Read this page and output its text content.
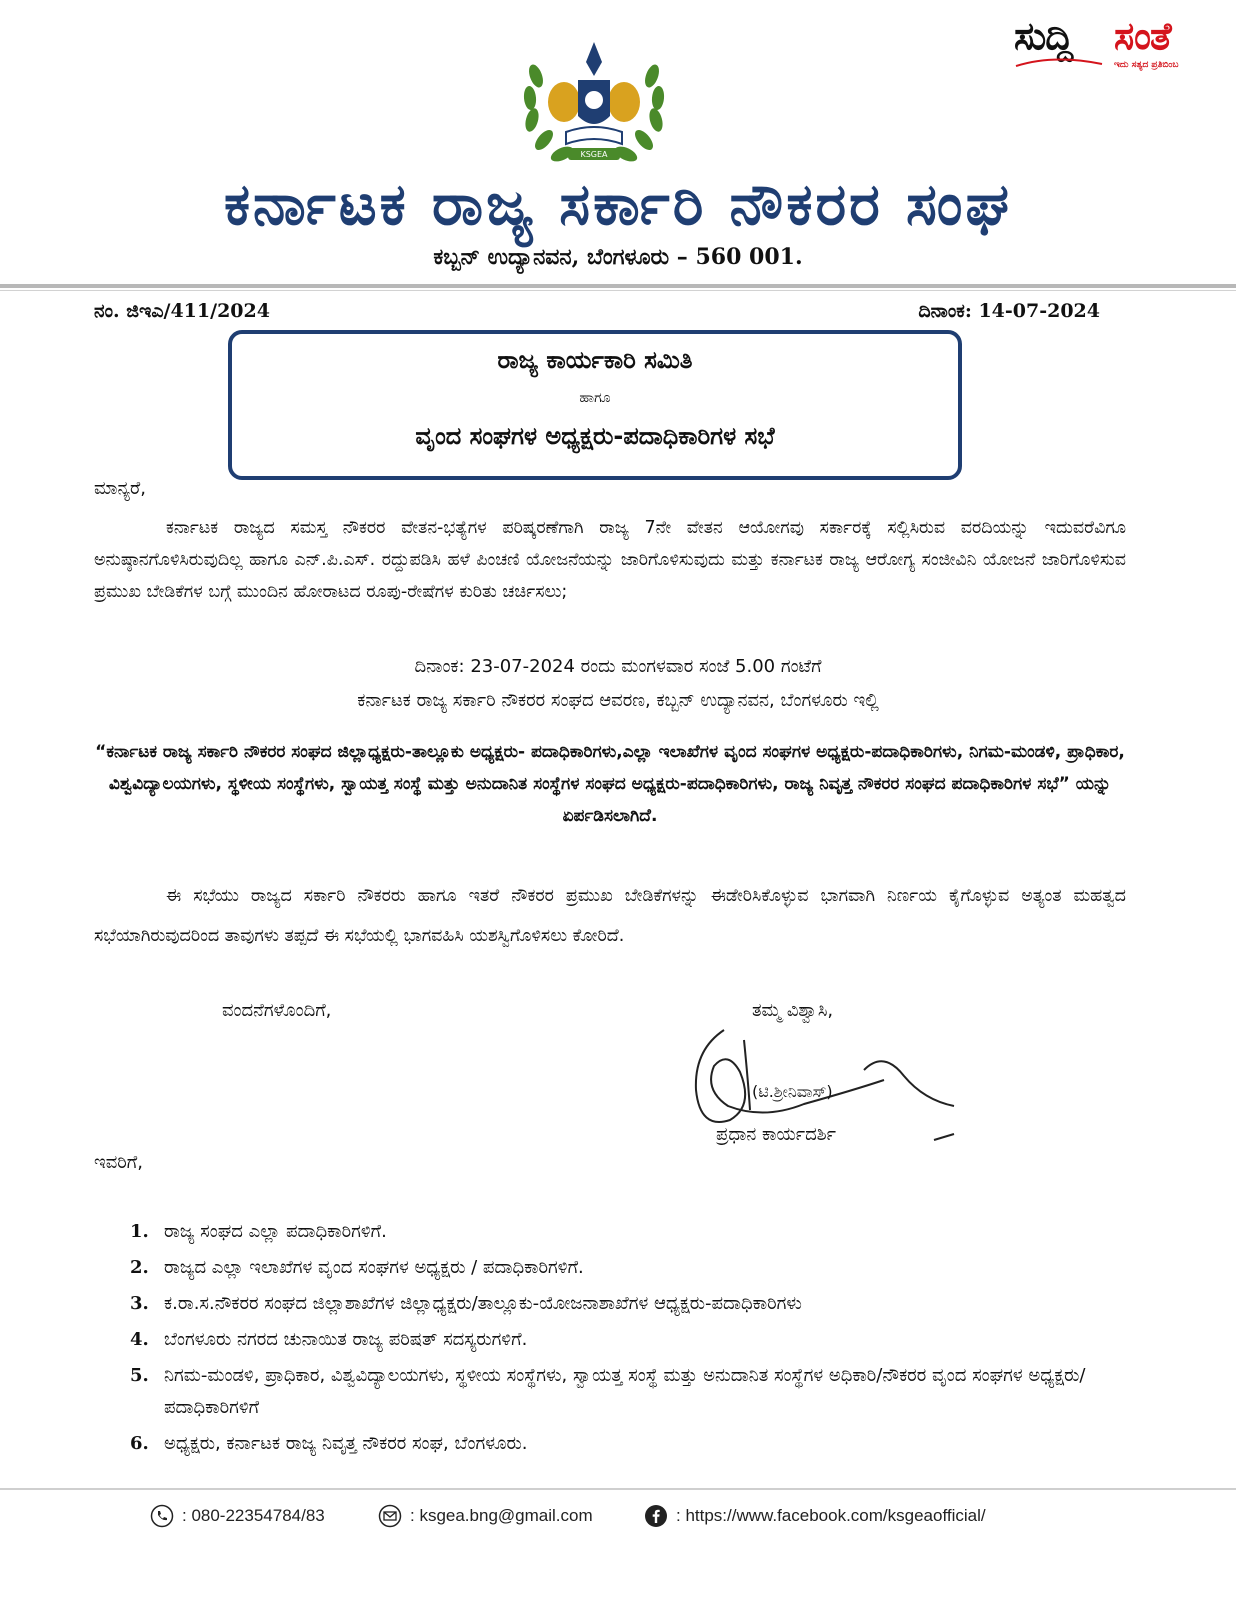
ಸುದ್ದಿ ಸಂತೆ
ಇದು ಸತ್ಯದ ಪ್ರತಿಬಿಂಬ
KSGEA
ಕರ್ನಾಟಕ ರಾಜ್ಯ ಸರ್ಕಾರಿ ನೌಕರರ ಸಂಘ
ಕಬ್ಬನ್ ಉದ್ಯಾನವನ, ಬೆಂಗಳೂರು – 560 001.
ನಂ. ಜಿಇಎ/411/2024	ದಿನಾಂಕ: 14-07-2024
ರಾಜ್ಯ ಕಾರ್ಯಕಾರಿ ಸಮಿತಿ
ಹಾಗೂ
ವೃಂದ ಸಂಘಗಳ ಅಧ್ಯಕ್ಷರು-ಪದಾಧಿಕಾರಿಗಳ ಸಭೆ
ಮಾನ್ಯರೆ,
ಕರ್ನಾಟಕ ರಾಜ್ಯದ ಸಮಸ್ತ ನೌಕರರ ವೇತನ-ಭತ್ಯೆಗಳ ಪರಿಷ್ಕರಣೆಗಾಗಿ ರಾಜ್ಯ 7ನೇ ವೇತನ ಆಯೋಗವು ಸರ್ಕಾರಕ್ಕೆ ಸಲ್ಲಿಸಿರುವ ವರದಿಯನ್ನು ಇದುವರೆವಿಗೂ ಅನುಷ್ಠಾನಗೊಳಿಸಿರುವುದಿಲ್ಲ ಹಾಗೂ ಎನ್.ಪಿ.ಎಸ್. ರದ್ದುಪಡಿಸಿ ಹಳೆ ಪಿಂಚಣಿ ಯೋಜನೆಯನ್ನು ಜಾರಿಗೊಳಿಸುವುದು ಮತ್ತು ಕರ್ನಾಟಕ ರಾಜ್ಯ ಆರೋಗ್ಯ ಸಂಜೀವಿನಿ ಯೋಜನೆ ಜಾರಿಗೊಳಿಸುವ ಪ್ರಮುಖ ಬೇಡಿಕೆಗಳ ಬಗ್ಗೆ ಮುಂದಿನ ಹೋರಾಟದ ರೂಪು-ರೇಷೆಗಳ ಕುರಿತು ಚರ್ಚಿಸಲು;
ದಿನಾಂಕ: 23-07-2024 ರಂದು ಮಂಗಳವಾರ ಸಂಜೆ 5.00 ಗಂಟೆಗೆ
ಕರ್ನಾಟಕ ರಾಜ್ಯ ಸರ್ಕಾರಿ ನೌಕರರ ಸಂಘದ ಆವರಣ, ಕಬ್ಬನ್ ಉದ್ಯಾನವನ, ಬೆಂಗಳೂರು ಇಲ್ಲಿ
“ಕರ್ನಾಟಕ ರಾಜ್ಯ ಸರ್ಕಾರಿ ನೌಕರರ ಸಂಘದ ಜಿಲ್ಲಾಧ್ಯಕ್ಷರು-ತಾಲ್ಲೂಕು ಅಧ್ಯಕ್ಷರು- ಪದಾಧಿಕಾರಿಗಳು,ಎಲ್ಲಾ ಇಲಾಖೆಗಳ ವೃಂದ ಸಂಘಗಳ ಅಧ್ಯಕ್ಷರು-ಪದಾಧಿಕಾರಿಗಳು, ನಿಗಮ-ಮಂಡಳಿ, ಪ್ರಾಧಿಕಾರ, ವಿಶ್ವವಿದ್ಯಾಲಯಗಳು, ಸ್ಥಳೀಯ ಸಂಸ್ಥೆಗಳು, ಸ್ವಾಯತ್ತ ಸಂಸ್ಥೆ ಮತ್ತು ಅನುದಾನಿತ ಸಂಸ್ಥೆಗಳ ಸಂಘದ ಅಧ್ಯಕ್ಷರು-ಪದಾಧಿಕಾರಿಗಳು, ರಾಜ್ಯ ನಿವೃತ್ತ ನೌಕರರ ಸಂಘದ ಪದಾಧಿಕಾರಿಗಳ ಸಭೆ” ಯನ್ನು ಏರ್ಪಡಿಸಲಾಗಿದೆ.
ಈ ಸಭೆಯು ರಾಜ್ಯದ ಸರ್ಕಾರಿ ನೌಕರರು ಹಾಗೂ ಇತರೆ ನೌಕರರ ಪ್ರಮುಖ ಬೇಡಿಕೆಗಳನ್ನು ಈಡೇರಿಸಿಕೊಳ್ಳುವ ಭಾಗವಾಗಿ ನಿರ್ಣಯ ಕೈಗೊಳ್ಳುವ ಅತ್ಯಂತ ಮಹತ್ವದ ಸಭೆಯಾಗಿರುವುದರಿಂದ ತಾವುಗಳು ತಪ್ಪದೆ ಈ ಸಭೆಯಲ್ಲಿ ಭಾಗವಹಿಸಿ ಯಶಸ್ವಿಗೊಳಿಸಲು ಕೋರಿದೆ.
ವಂದನೆಗಳೊಂದಿಗೆ,	ತಮ್ಮ ವಿಶ್ವಾಸಿ,
(ಟಿ.ಶ್ರೀನಿವಾಸ್)
ಪ್ರಧಾನ ಕಾರ್ಯದರ್ಶಿ
ಇವರಿಗೆ,
1. ರಾಜ್ಯ ಸಂಘದ ಎಲ್ಲಾ ಪದಾಧಿಕಾರಿಗಳಿಗೆ.
2. ರಾಜ್ಯದ ಎಲ್ಲಾ ಇಲಾಖೆಗಳ ವೃಂದ ಸಂಘಗಳ ಅಧ್ಯಕ್ಷರು / ಪದಾಧಿಕಾರಿಗಳಿಗೆ.
3. ಕ.ರಾ.ಸ.ನೌಕರರ ಸಂಘದ ಜಿಲ್ಲಾಶಾಖೆಗಳ ಜಿಲ್ಲಾಧ್ಯಕ್ಷರು/ತಾಲ್ಲೂಕು-ಯೋಜನಾಶಾಖೆಗಳ ಆಧ್ಯಕ್ಷರು-ಪದಾಧಿಕಾರಿಗಳು
4. ಬೆಂಗಳೂರು ನಗರದ ಚುನಾಯಿತ ರಾಜ್ಯ ಪರಿಷತ್ ಸದಸ್ಯರುಗಳಿಗೆ.
5. ನಿಗಮ-ಮಂಡಳಿ, ಪ್ರಾಧಿಕಾರ, ವಿಶ್ವವಿದ್ಯಾಲಯಗಳು, ಸ್ಥಳೀಯ ಸಂಸ್ಥೆಗಳು, ಸ್ವಾಯತ್ತ ಸಂಸ್ಥೆ ಮತ್ತು ಅನುದಾನಿತ ಸಂಸ್ಥೆಗಳ ಅಧಿಕಾರಿ/ನೌಕರರ ವೃಂದ ಸಂಘಗಳ ಅಧ್ಯಕ್ಷರು/ಪದಾಧಿಕಾರಿಗಳಿಗೆ
6. ಅಧ್ಯಕ್ಷರು, ಕರ್ನಾಟಕ ರಾಜ್ಯ ನಿವೃತ್ತ ನೌಕರರ ಸಂಘ, ಬೆಂಗಳೂರು.
: 080-22354784/83	: ksgea.bng@gmail.com	: https://www.facebook.com/ksgeaofficial/
